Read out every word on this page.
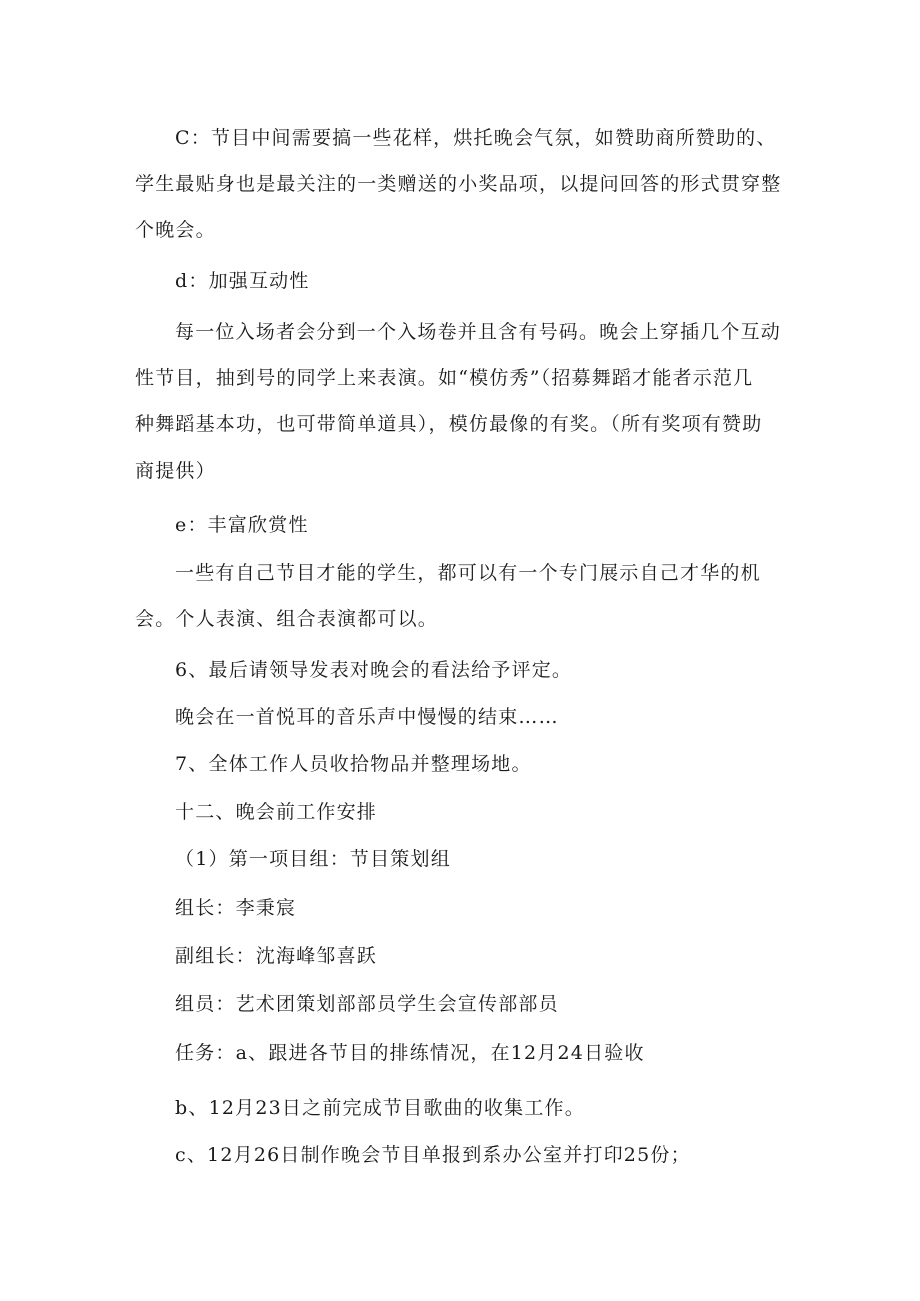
C：节目中间需要搞一些花样，烘托晚会气氛，如赞助商所赞助的、
学生最贴身也是最关注的一类赠送的小奖品项，以提问回答的形式贯穿整
个晚会。
d：加强互动性
每一位入场者会分到一个入场卷并且含有号码。晚会上穿插几个互动
性节目，抽到号的同学上来表演。如“模仿秀”（招募舞蹈才能者示范几
种舞蹈基本功，也可带简单道具），模仿最像的有奖。（所有奖项有赞助
商提供）
e：丰富欣赏性
一些有自己节目才能的学生，都可以有一个专门展示自己才华的机
会。个人表演、组合表演都可以。
6、最后请领导发表对晚会的看法给予评定。
晚会在一首悦耳的音乐声中慢慢的结束……
7、全体工作人员收拾物品并整理场地。
十二、晚会前工作安排
（1）第一项目组：节目策划组
组长：李秉宸
副组长：沈海峰邹喜跃
组员：艺术团策划部部员学生会宣传部部员
任务：a、跟进各节目的排练情况，在12月24日验收
b、12月23日之前完成节目歌曲的收集工作。
c、12月26日制作晚会节目单报到系办公室并打印25份；
